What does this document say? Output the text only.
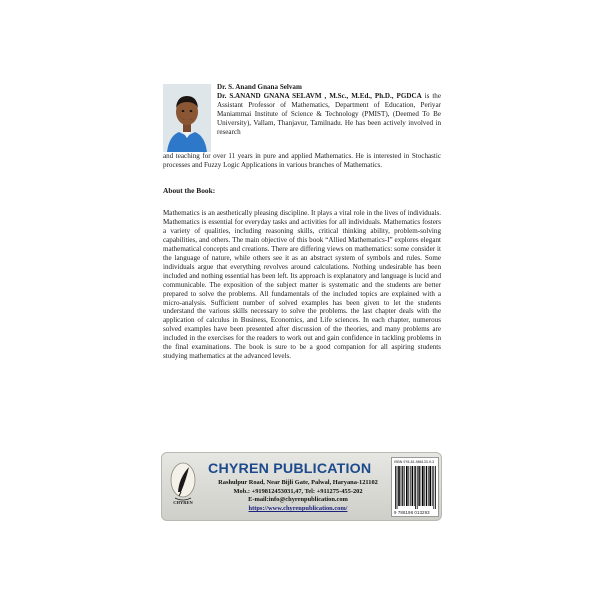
Dr. S. Anand Gnana Selvam
Dr. S.ANAND GNANA SELAVM , M.Sc., M.Ed., Ph.D., PGDCA is the Assistant Professor of Mathematics, Department of Education, Periyar Maniammai Institute of Science & Technology (PMIST), (Deemed To Be University), Vallam, Thanjavur, Tamilnadu. He has been actively involved in research
and teaching for over 11 years in pure and applied Mathematics. He is interested in Stochastic processes and Fuzzy Logic Applications in various branches of Mathematics.
About the Book:
Mathematics is an aesthetically pleasing discipline. It plays a vital role in the lives of individuals. Mathematics is essential for everyday tasks and activities for all individuals. Mathematics fosters a variety of qualities, including reasoning skills, critical thinking ability, problem-solving capabilities, and others. The main objective of this book “Allied Mathematics-I” explores elegant mathematical concepts and creations. There are differing views on mathematics: some consider it the language of nature, while others see it as an abstract system of symbols and rules. Some individuals argue that everything revolves around calculations. Nothing undesirable has been included and nothing essential has been left. Its approach is explanatory and language is lucid and communicable. The exposition of the subject matter is systematic and the students are better prepared to solve the problems. All fundamentals of the included topics are explained with a micro-analysis. Sufficient number of solved examples has been given to let the students understand the various skills necessary to solve the problems. the last chapter deals with the application of calculus in Business, Economics, and Life sciences. In each chapter, numerous solved examples have been presented after discussion of the theories, and many problems are included in the exercises for the readers to work out and gain confidence in tackling problems in the final examinations. The book is sure to be a good companion for all aspiring students studying mathematics at the advanced levels.
CHYREN
CHYREN PUBLICATION
Rashulpur Road, Near Bijli Gate, Palwal, Haryana-121102
Mob.: +919812453031,47, Tel: +911275-455-202
E-mail:info@chyrenpublication.com
https://www.chyrenpublication.com/
ISBN 978-81-986133-9-3
9 788198 013293
